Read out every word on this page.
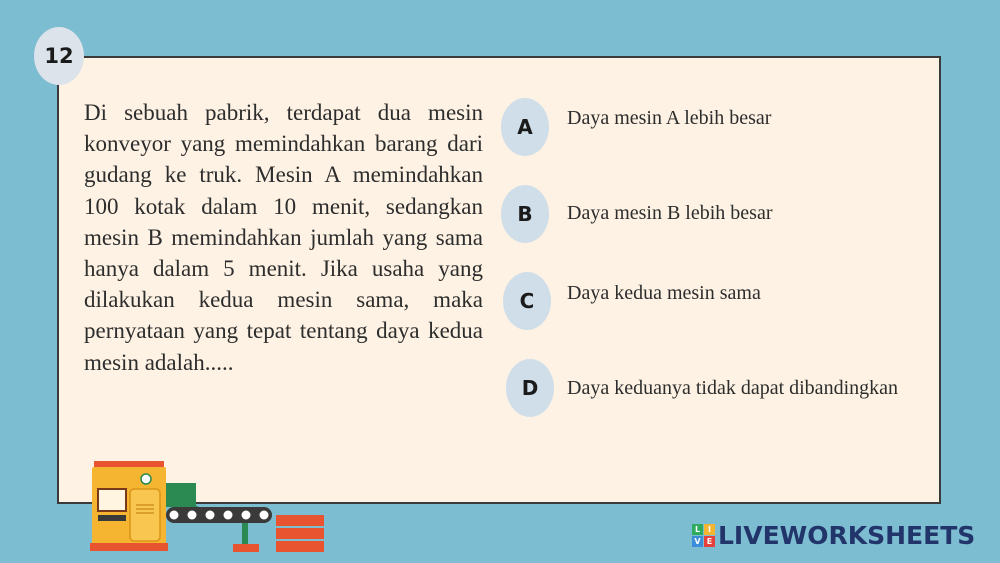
12
Di sebuah pabrik, terdapat dua mesin konveyor yang memindahkan barang dari gudang ke truk. Mesin A memindahkan 100 kotak dalam 10 menit, sedangkan mesin B memindahkan jumlah yang sama hanya dalam 5 menit. Jika usaha yang dilakukan kedua mesin sama, maka pernyataan yang tepat tentang daya kedua mesin adalah.....
A	Daya mesin A lebih besar
B	Daya mesin B lebih besar
C	Daya kedua mesin sama
D	Daya keduanya tidak dapat dibandingkan
L I
V E LIVEWORKSHEETS
